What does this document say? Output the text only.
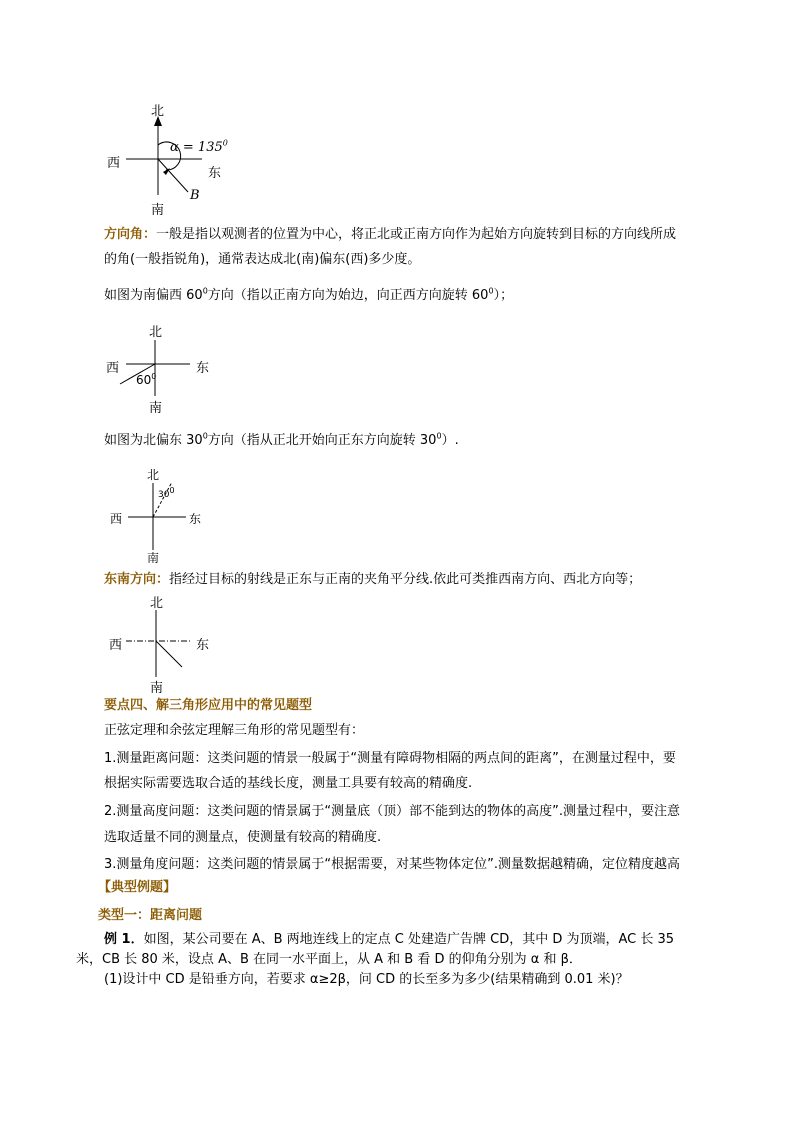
北
西
东
南
$\alpha = 135^0$
B
方向角：一般是指以观测者的位置为中心，将正北或正南方向作为起始方向旋转到目标的方向线所成
的角(一般指锐角)，通常表达成北(南)偏东(西)多少度。
如图为南偏西 $60^0$方向（指以正南方向为始边，向正西方向旋转 $60^0$）；
北
西	东
南
$60^0$
如图为北偏东 $30^0$方向（指从正北开始向正东方向旋转 $30^0$）.
北
西	东
南
$30^0$
东南方向：指经过目标的射线是正东与正南的夹角平分线.依此可类推西南方向、西北方向等；
北
西	东
南
要点四、解三角形应用中的常见题型
正弦定理和余弦定理解三角形的常见题型有：
1.测量距离问题：这类问题的情景一般属于“测量有障碍物相隔的两点间的距离”，在测量过程中，要
根据实际需要选取合适的基线长度，测量工具要有较高的精确度.
2.测量高度问题：这类问题的情景属于“测量底（顶）部不能到达的物体的高度”.测量过程中，要注意
选取适量不同的测量点，使测量有较高的精确度.
3.测量角度问题：这类问题的情景属于“根据需要，对某些物体定位”.测量数据越精确，定位精度越高
【典型例题】
类型一：距离问题
例 1．如图，某公司要在 A、B 两地连线上的定点 C 处建造广告牌 CD，其中 D 为顶端，AC 长 35
米，CB 长 80 米，设点 A、B 在同一水平面上，从 A 和 B 看 D 的仰角分别为 α 和 β．
(1)设计中 CD 是铅垂方向，若要求 α≥2β，问 CD 的长至多为多少(结果精确到 0.01 米)？
